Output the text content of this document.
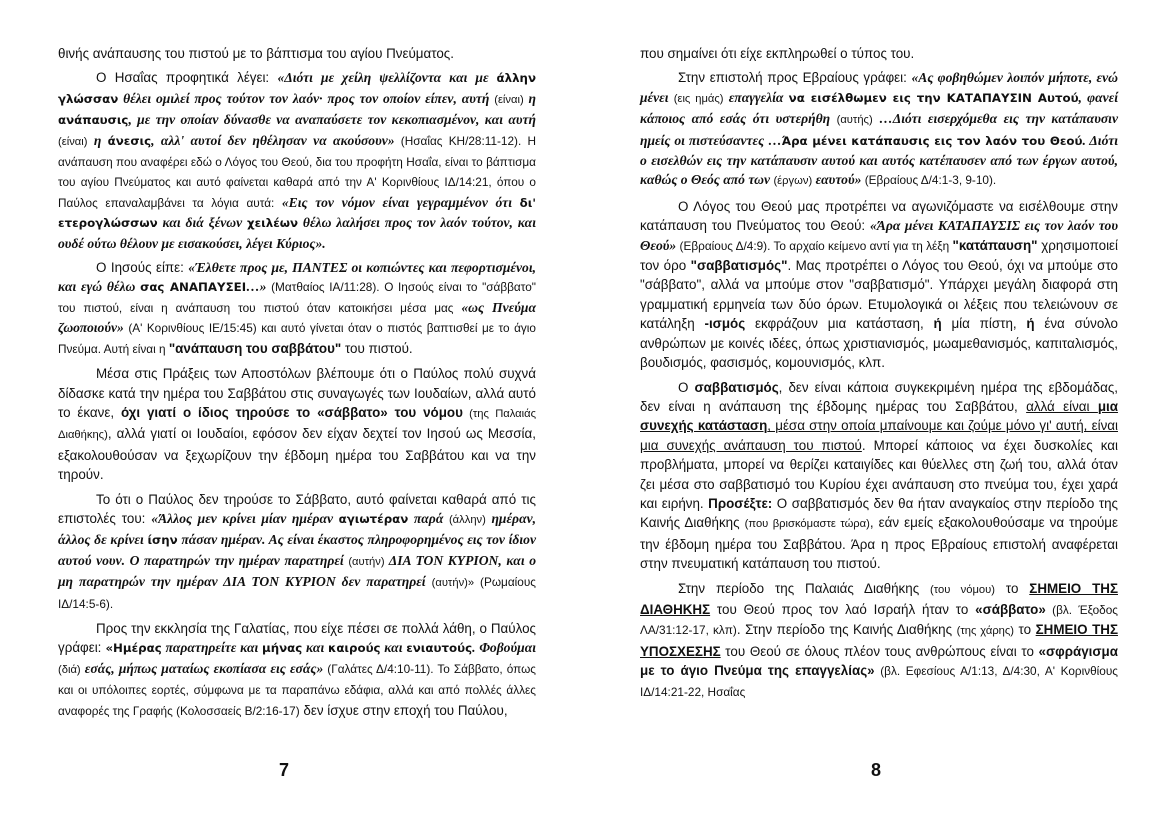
θινής ανάπαυσης του πιστού με το βάπτισμα του αγίου Πνεύματος.

Ο Ησαΐας προφητικά λέγει: «Διότι με χείλη ψελλίζοντα και με άλλην γλώσσαν θέλει ομιλεί προς τούτον τον λαόν· προς τον οποίον είπεν, αυτή (είναι) η ανάπαυσις, με την οποίαν δύνασθε να αναπαύσετε τον κεκοπιασμένον, και αυτή (είναι) η άνεσις, αλλ' αυτοί δεν ηθέλησαν να ακούσουν» (Ησαΐας ΚΗ/28:11-12). Η ανάπαυση που αναφέρει εδώ ο Λόγος του Θεού, δια του προφήτη Ησαΐα, είναι το βάπτισμα του αγίου Πνεύματος και αυτό φαίνεται καθαρά από την Α' Κορινθίους ΙΔ/14:21, όπου ο Παύλος επαναλαμβάνει τα λόγια αυτά: «Εις τον νόμον είναι γεγραμμένον ότι δι' ετερογλώσσων και διά ξένων χειλέων θέλω λαλήσει προς τον λαόν τούτον, και ουδέ ούτω θέλουν με εισακούσει, λέγει Κύριος».

Ο Ιησούς είπε: «Έλθετε προς με, ΠΑΝΤΕΣ οι κοπιώντες και πεφορτισμένοι, και εγώ θέλω σας ΑΝΑΠΑΥΣΕΙ…» (Ματθαίος ΙΑ/11:28). Ο Ιησούς είναι το "σάββατο" του πιστού, είναι η ανάπαυση του πιστού όταν κατοικήσει μέσα μας «ως Πνεύμα ζωοποιούν» (Α' Κορινθίους ΙΕ/15:45) και αυτό γίνεται όταν ο πιστός βαπτισθεί με το άγιο Πνεύμα. Αυτή είναι η "ανάπαυση του σαββάτου" του πιστού.

Μέσα στις Πράξεις των Αποστόλων βλέπουμε ότι ο Παύλος πολύ συχνά δίδασκε κατά την ημέρα του Σαββάτου στις συναγωγές των Ιουδαίων, αλλά αυτό το έκανε, όχι γιατί ο ίδιος τηρούσε το «σάββατο» του νόμου (της Παλαιάς Διαθήκης), αλλά γιατί οι Ιουδαίοι, εφόσον δεν είχαν δεχτεί τον Ιησού ως Μεσσία, εξακολουθούσαν να ξεχωρίζουν την έβδομη ημέρα του Σαββάτου και να την τηρούν.

Το ότι ο Παύλος δεν τηρούσε το Σάββατο, αυτό φαίνεται καθαρά από τις επιστολές του: «Άλλος μεν κρίνει μίαν ημέραν αγιωτέραν παρά (άλλην) ημέραν, άλλος δε κρίνει ίσην πάσαν ημέραν. Ας είναι έκαστος πληροφορημένος εις τον ίδιον αυτού νουν. Ο παρατηρών την ημέραν παρατηρεί (αυτήν) ΔΙΑ ΤΟΝ ΚΥΡΙΟΝ, και ο μη παρατηρών την ημέραν ΔΙΑ ΤΟΝ ΚΥΡΙΟΝ δεν παρατηρεί (αυτήν)» (Ρωμαίους ΙΔ/14:5-6).

Προς την εκκλησία της Γαλατίας, που είχε πέσει σε πολλά λάθη, ο Παύλος γράφει: «Ημέρας παρατηρείτε και μήνας και καιρούς και ενιαυτούς. Φοβούμαι (διά) εσάς, μήπως ματαίως εκοπίασα εις εσάς» (Γαλάτες Δ/4:10-11). Το Σάββατο, όπως και οι υπόλοιπες εορτές, σύμφωνα με τα παραπάνω εδάφια, αλλά και από πολλές άλλες αναφορές της Γραφής (Κολοσσαείς Β/2:16-17) δεν ίσχυε στην εποχή του Παύλου,

7

που σημαίνει ότι είχε εκπληρωθεί ο τύπος του.

Στην επιστολή προς Εβραίους γράφει: «Ας φοβηθώμεν λοιπόν μήποτε, ενώ μένει (εις ημάς) επαγγελία να εισέλθωμεν εις την ΚΑΤΑΠΑΥΣΙΝ Αυτού, φανεί κάποιος από εσάς ότι υστερήθη (αυτής) …Διότι εισερχόμεθα εις την κατάπαυσιν ημείς οι πιστεύσαντες …Άρα μένει κατάπαυσις εις τον λαόν του Θεού. Διότι ο εισελθών εις την κατάπαυσιν αυτού και αυτός κατέπαυσεν από των έργων αυτού, καθώς ο Θεός από των (έργων) εαυτού» (Εβραίους Δ/4:1-3, 9-10).

Ο Λόγος του Θεού μας προτρέπει να αγωνιζόμαστε να εισέλθουμε στην κατάπαυση του Πνεύματος του Θεού: «Άρα μένει ΚΑΤΑΠΑΥΣΙΣ εις τον λαόν του Θεού» (Εβραίους Δ/4:9). Το αρχαίο κείμενο αντί για τη λέξη "κατάπαυση" χρησιμοποιεί τον όρο "σαββατισμός". Μας προτρέπει ο Λόγος του Θεού, όχι να μπούμε στο "σάββατο", αλλά να μπούμε στον "σαββατισμό". Υπάρχει μεγάλη διαφορά στη γραμματική ερμηνεία των δύο όρων. Ετυμολογικά οι λέξεις που τελειώνουν σε κατάληξη -ισμός εκφράζουν μια κατάσταση, ή μία πίστη, ή ένα σύνολο ανθρώπων με κοινές ιδέες, όπως χριστιανισμός, μωαμεθανισμός, καπιταλισμός, βουδισμός, φασισμός, κομουνισμός, κλπ.

Ο σαββατισμός, δεν είναι κάποια συγκεκριμένη ημέρα της εβδομάδας, δεν είναι η ανάπαυση της έβδομης ημέρας του Σαββάτου, αλλά είναι μια συνεχής κατάσταση, μέσα στην οποία μπαίνουμε και ζούμε μόνο γι' αυτή, είναι μια συνεχής ανάπαυση του πιστού. Μπορεί κάποιος να έχει δυσκολίες και προβλήματα, μπορεί να θερίζει καταιγίδες και θύελλες στη ζωή του, αλλά όταν ζει μέσα στο σαββατισμό του Κυρίου έχει ανάπαυση στο πνεύμα του, έχει χαρά και ειρήνη. Προσέξτε: Ο σαββατισμός δεν θα ήταν αναγκαίος στην περίοδο της Καινής Διαθήκης (που βρισκόμαστε τώρα), εάν εμείς εξακολουθούσαμε να τηρούμε την έβδομη ημέρα του Σαββάτου. Άρα η προς Εβραίους επιστολή αναφέρεται στην πνευματική κατάπαυση του πιστού.

Στην περίοδο της Παλαιάς Διαθήκης (του νόμου) το ΣΗΜΕΙΟ ΤΗΣ ΔΙΑΘΗΚΗΣ του Θεού προς τον λαό Ισραήλ ήταν το «σάββατο» (βλ. Έξοδος ΛΑ/31:12-17, κλπ). Στην περίοδο της Καινής Διαθήκης (της χάρης) το ΣΗΜΕΙΟ ΤΗΣ ΥΠΟΣΧΕΣΗΣ του Θεού σε όλους πλέον τους ανθρώπους είναι το «σφράγισμα με το άγιο Πνεύμα της επαγγελίας» (βλ. Εφεσίους Α/1:13, Δ/4:30, Α' Κορινθίους ΙΔ/14:21-22, Ησαΐας

8
